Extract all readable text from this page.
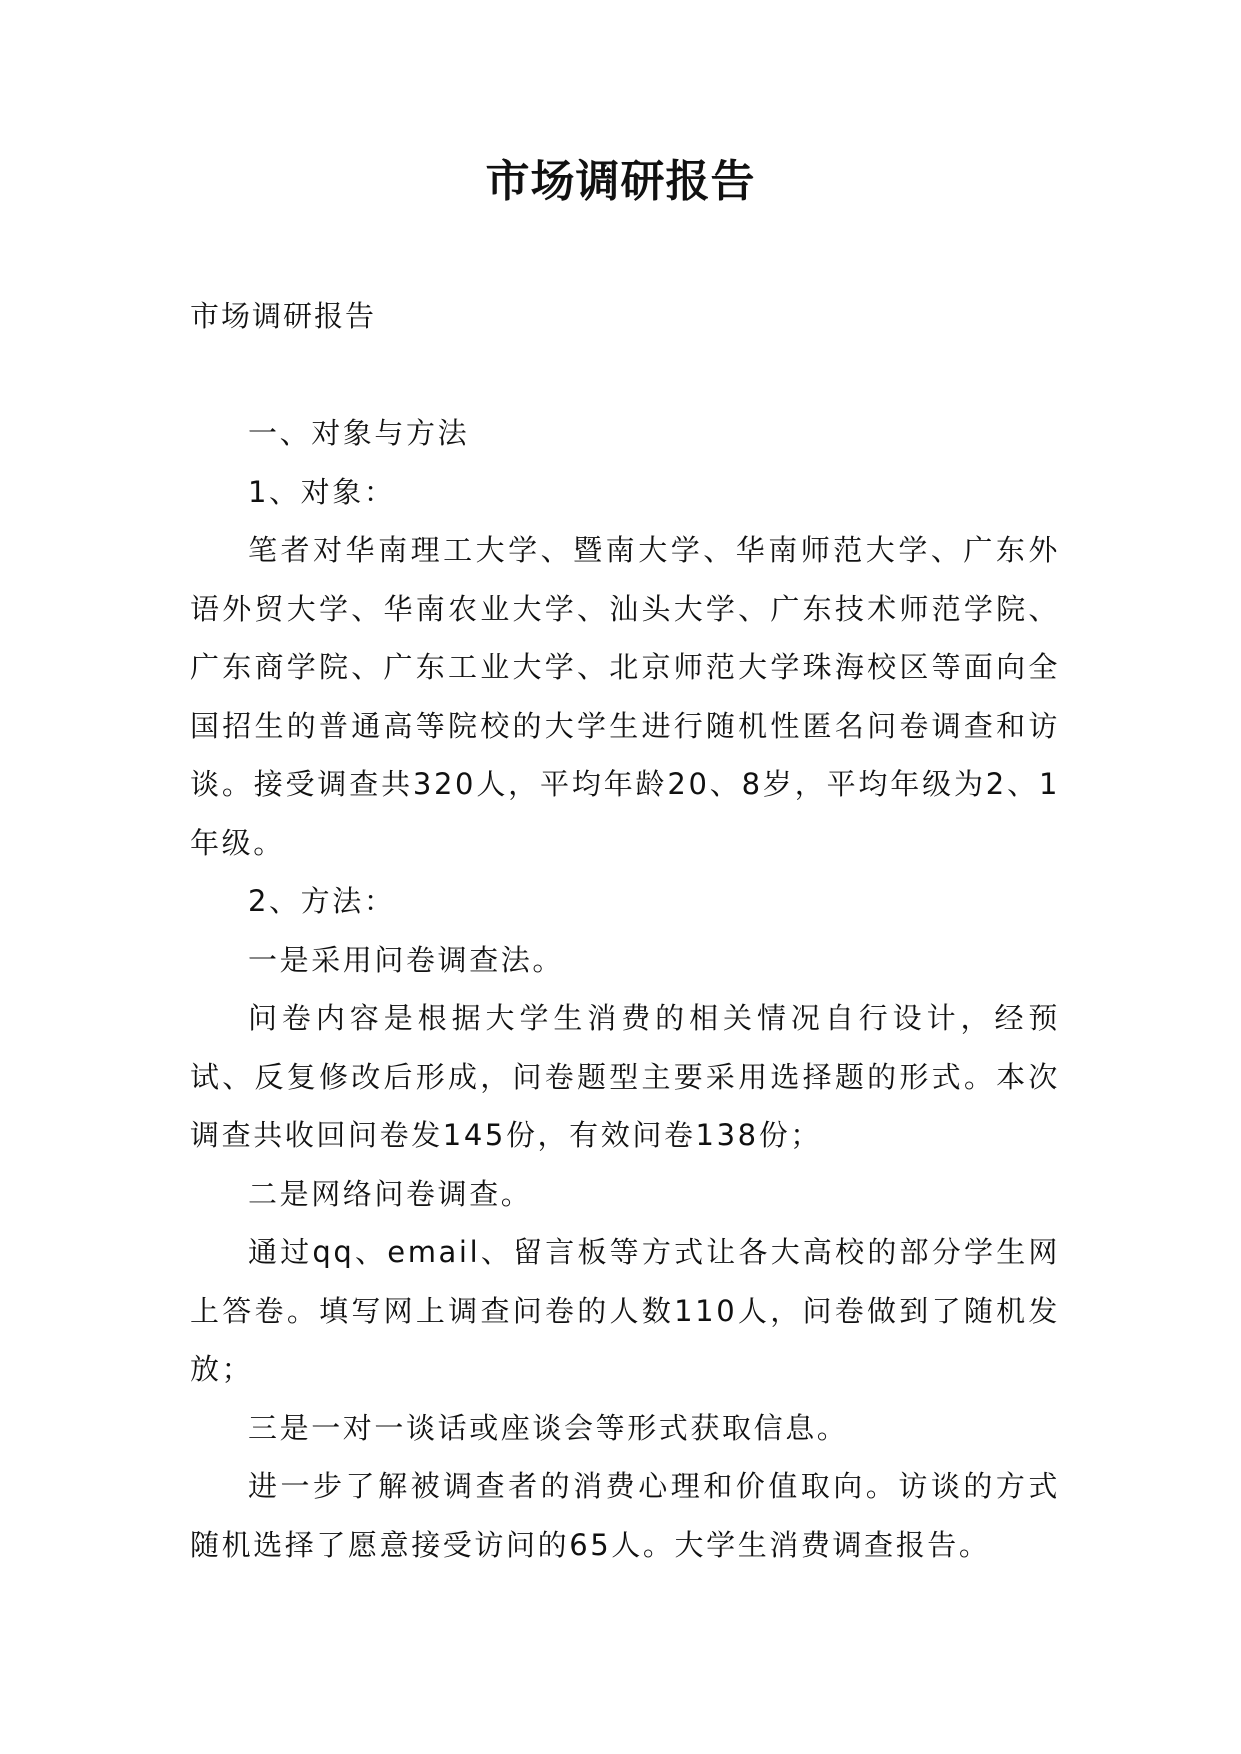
市场调研报告
市场调研报告

一、对象与方法

1、对象：

笔者对华南理工大学、暨南大学、华南师范大学、广东外语外贸大学、华南农业大学、汕头大学、广东技术师范学院、广东商学院、广东工业大学、北京师范大学珠海校区等面向全国招生的普通高等院校的大学生进行随机性匿名问卷调查和访谈。接受调查共320人，平均年龄20、8岁，平均年级为2、1年级。

2、方法：

一是采用问卷调查法。

问卷内容是根据大学生消费的相关情况自行设计，经预试、反复修改后形成，问卷题型主要采用选择题的形式。本次调查共收回问卷发145份，有效问卷138份；

二是网络问卷调查。

通过qq、email、留言板等方式让各大高校的部分学生网上答卷。填写网上调查问卷的人数110人，问卷做到了随机发放；

三是一对一谈话或座谈会等形式获取信息。

进一步了解被调查者的消费心理和价值取向。访谈的方式随机选择了愿意接受访问的65人。大学生消费调查报告。
